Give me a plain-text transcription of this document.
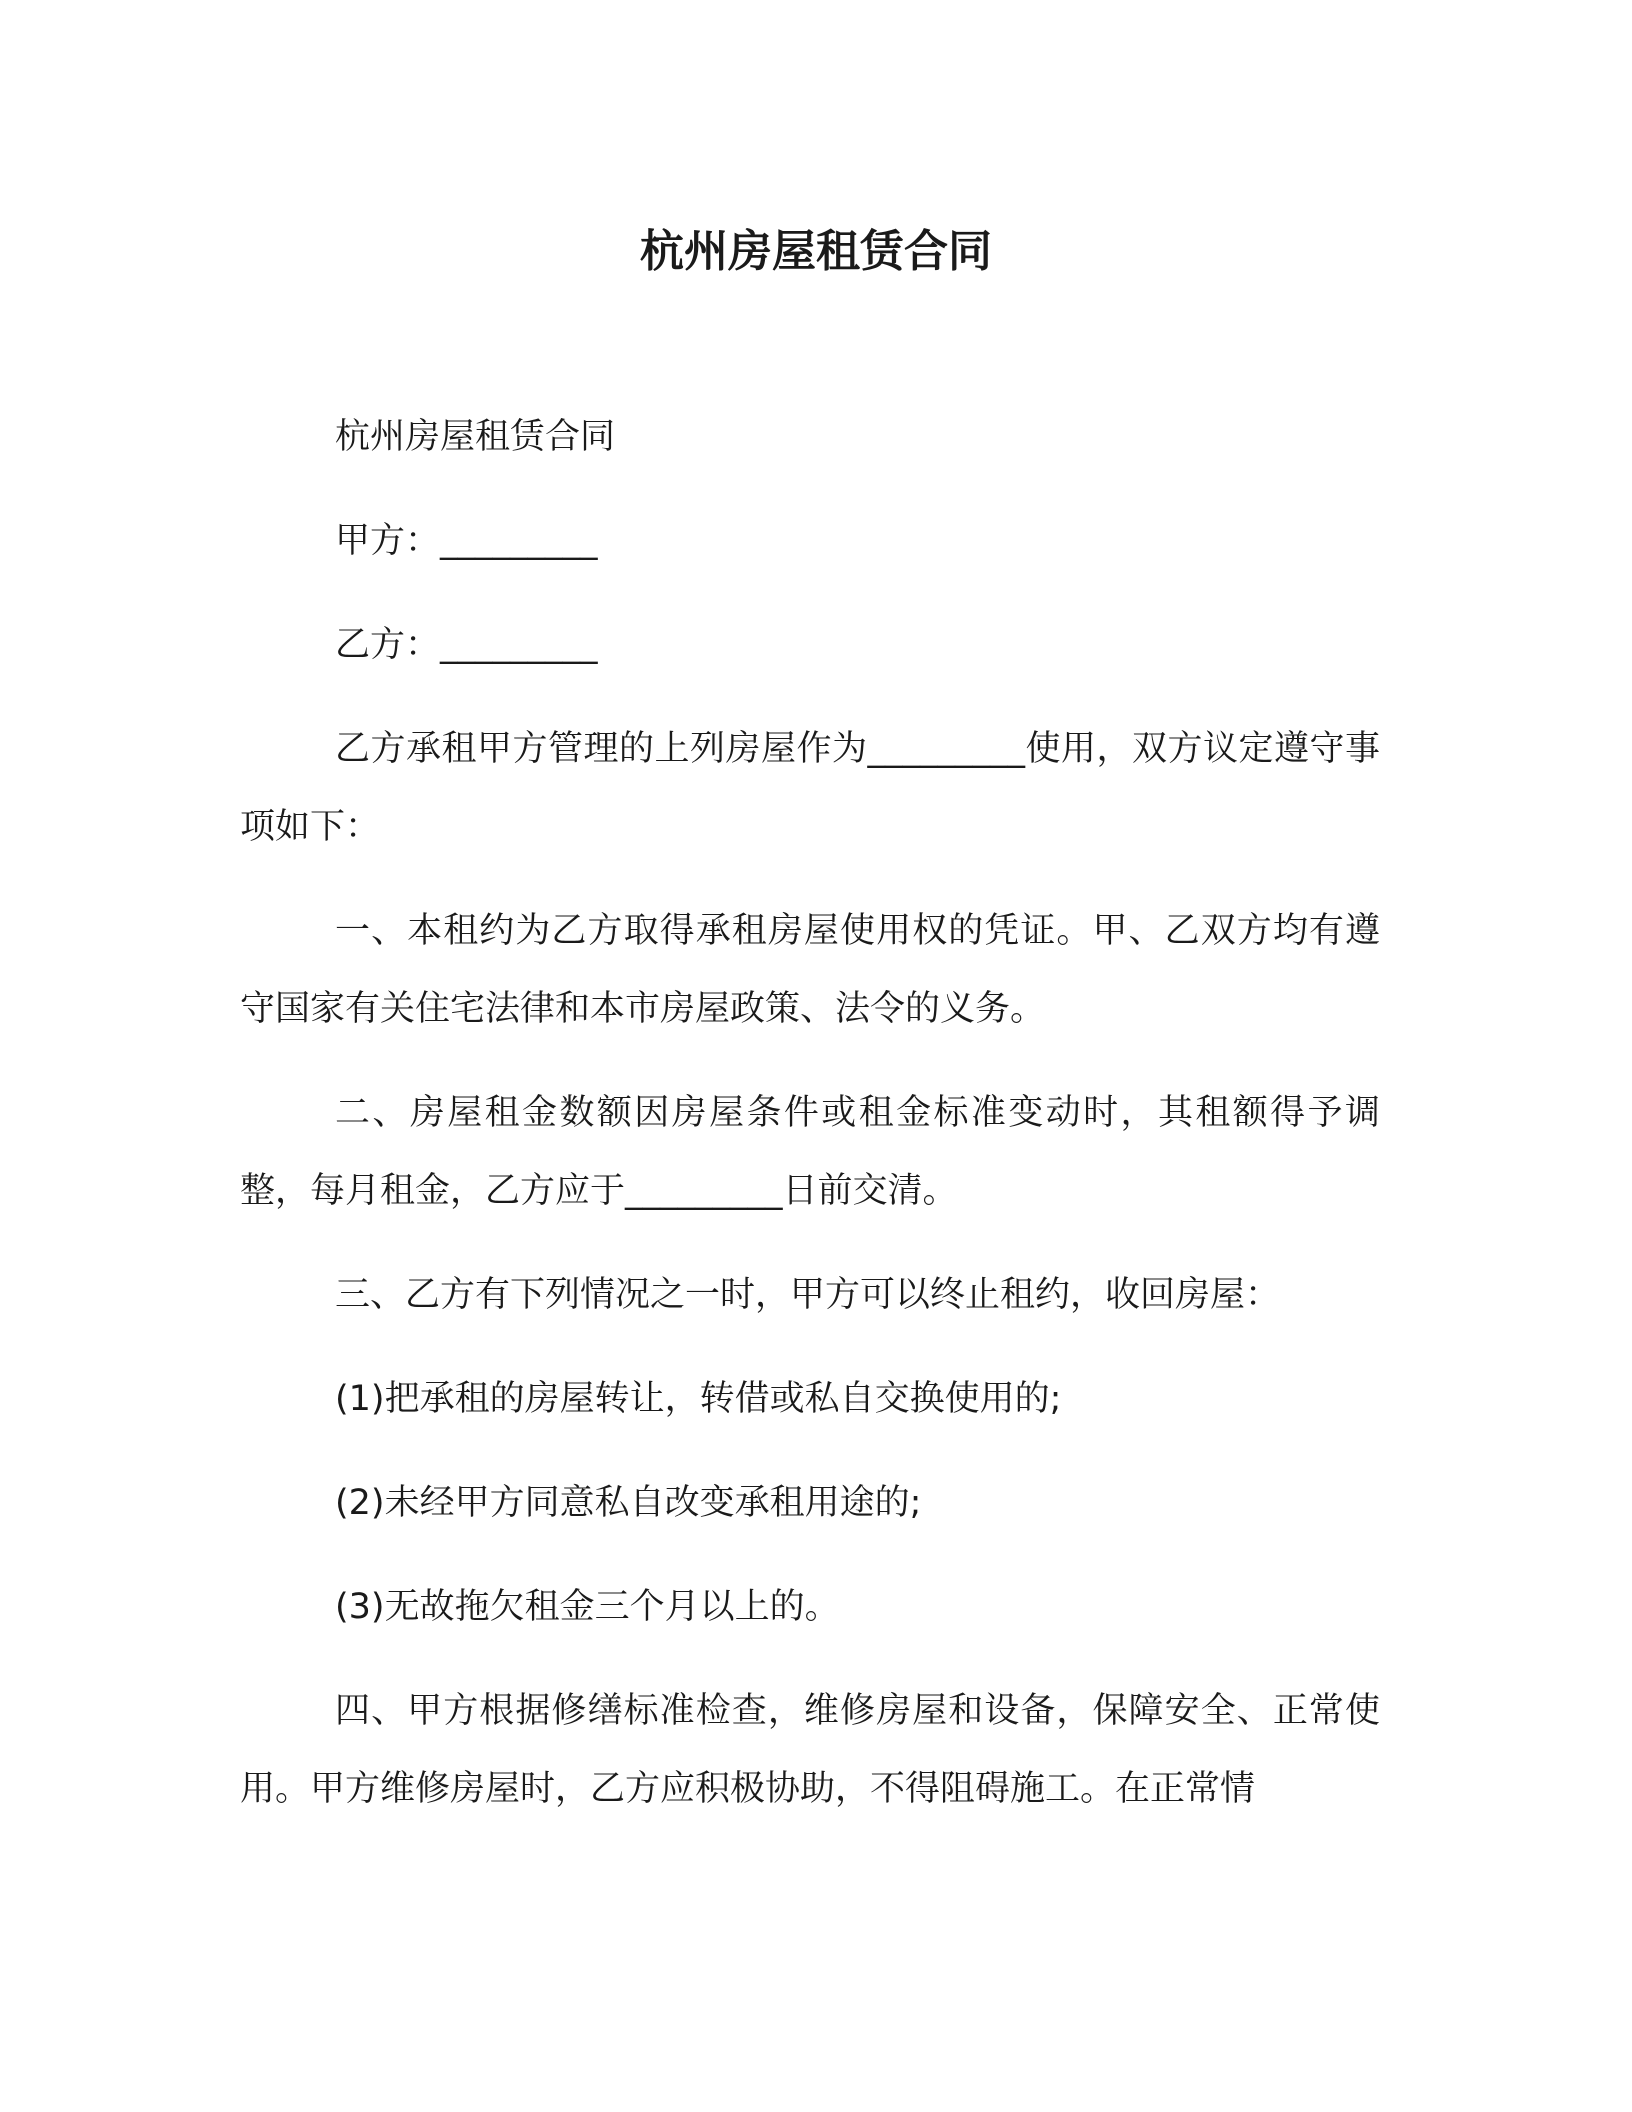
杭州房屋租赁合同

杭州房屋租赁合同

甲方：_________

乙方：_________

乙方承租甲方管理的上列房屋作为_________使用，双方议定遵守事项如下：

一、本租约为乙方取得承租房屋使用权的凭证。甲、乙双方均有遵守国家有关住宅法律和本市房屋政策、法令的义务。

二、房屋租金数额因房屋条件或租金标准变动时，其租额得予调整，每月租金，乙方应于_________日前交清。

三、乙方有下列情况之一时，甲方可以终止租约，收回房屋：

(1)把承租的房屋转让，转借或私自交换使用的;

(2)未经甲方同意私自改变承租用途的;

(3)无故拖欠租金三个月以上的。

四、甲方根据修缮标准检查，维修房屋和设备，保障安全、正常使用。甲方维修房屋时，乙方应积极协助，不得阻碍施工。在正常情
